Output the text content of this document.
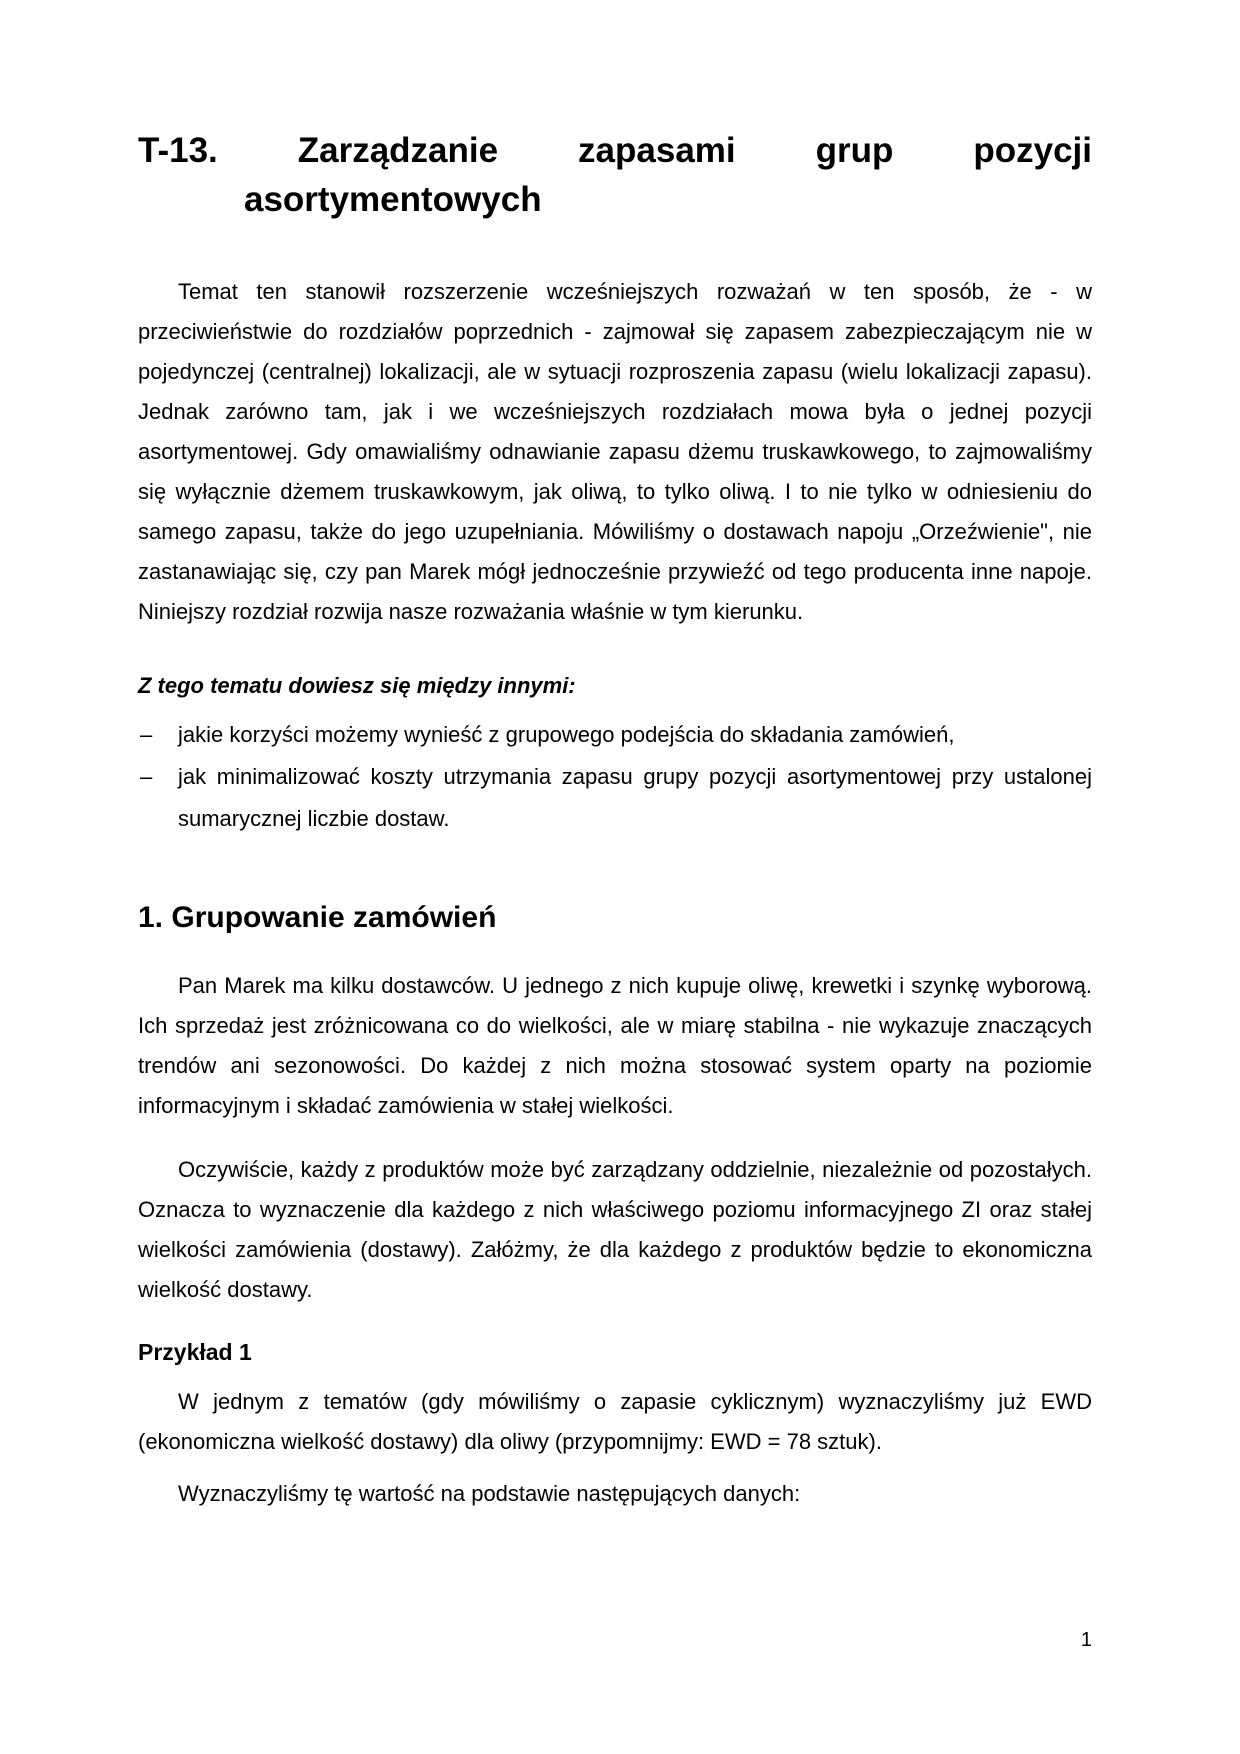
T-13. Zarządzanie zapasami grup pozycji
asortymentowych

Temat ten stanowił rozszerzenie wcześniejszych rozważań w ten sposób, że - w przeciwieństwie do rozdziałów poprzednich - zajmował się zapasem zabezpieczającym nie w pojedynczej (centralnej) lokalizacji, ale w sytuacji rozproszenia zapasu (wielu lokalizacji zapasu). Jednak zarówno tam, jak i we wcześniejszych rozdziałach mowa była o jednej pozycji asortymentowej. Gdy omawialiśmy odnawianie zapasu dżemu truskawkowego, to zajmowaliśmy się wyłącznie dżemem truskawkowym, jak oliwą, to tylko oliwą. I to nie tylko w odniesieniu do samego zapasu, także do jego uzupełniania. Mówiliśmy o dostawach napoju „Orzeźwienie", nie zastanawiając się, czy pan Marek mógł jednocześnie przywieźć od tego producenta inne napoje. Niniejszy rozdział rozwija nasze rozważania właśnie w tym kierunku.

Z tego tematu dowiesz się między innymi:
– jakie korzyści możemy wynieść z grupowego podejścia do składania zamówień,
– jak minimalizować koszty utrzymania zapasu grupy pozycji asortymentowej przy ustalonej sumarycznej liczbie dostaw.
1. Grupowanie zamówień

Pan Marek ma kilku dostawców. U jednego z nich kupuje oliwę, krewetki i szynkę wyborową. Ich sprzedaż jest zróżnicowana co do wielkości, ale w miarę stabilna - nie wykazuje znaczących trendów ani sezonowości. Do każdej z nich można stosować system oparty na poziomie informacyjnym i składać zamówienia w stałej wielkości.

Oczywiście, każdy z produktów może być zarządzany oddzielnie, niezależnie od pozostałych. Oznacza to wyznaczenie dla każdego z nich właściwego poziomu informacyjnego ZI oraz stałej wielkości zamówienia (dostawy). Załóżmy, że dla każdego z produktów będzie to ekonomiczna wielkość dostawy.

Przykład 1

W jednym z tematów (gdy mówiliśmy o zapasie cyklicznym) wyznaczyliśmy już EWD (ekonomiczna wielkość dostawy) dla oliwy (przypomnijmy: EWD = 78 sztuk).

Wyznaczyliśmy tę wartość na podstawie następujących danych:

1
